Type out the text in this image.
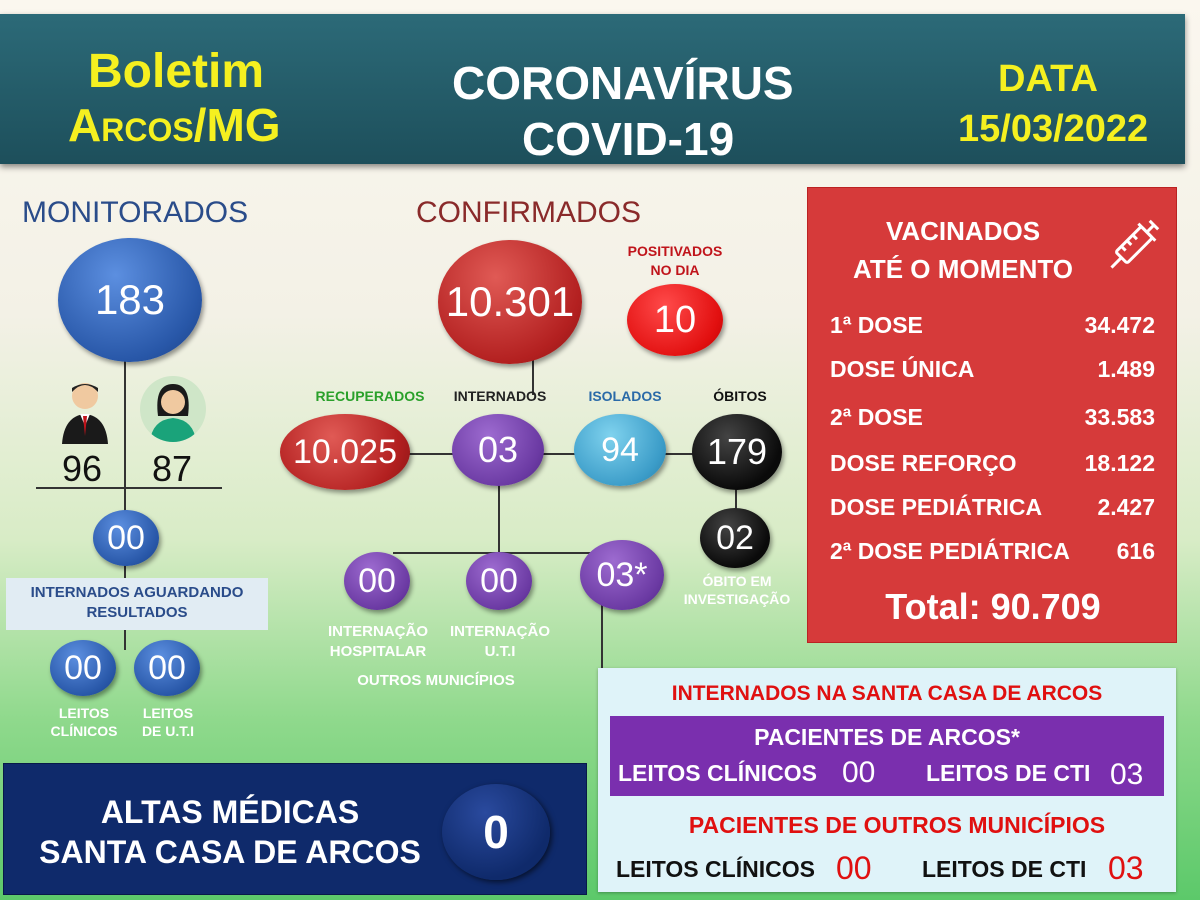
Boletim
Arcos/MG
CORONAVÍRUS
COVID-19
DATA
15/03/2022
MONITORADOS
183
96 87
00
INTERNADOS AGUARDANDO
RESULTADOS
00	00
LEITOS
CLÍNICOS
LEITOS
DE U.T.I
CONFIRMADOS
10.301
POSITIVADOS
NO DIA
10
RECUPERADOS	INTERNADOS	ISOLADOS	ÓBITOS
10.025	03	94	179
02
ÓBITO EM
INVESTIGAÇÃO
00	00	03*
INTERNAÇÃO
HOSPITALAR
INTERNAÇÃO
U.T.I
OUTROS MUNICÍPIOS
VACINADOS
ATÉ O MOMENTO
1ª DOSE	34.472
DOSE ÚNICA	1.489
2ª DOSE	33.583
DOSE REFORÇO	18.122
DOSE PEDIÁTRICA 2.427
2ª DOSE PEDIÁTRICA 616
Total: 90.709
INTERNADOS NA SANTA CASA DE ARCOS
PACIENTES DE ARCOS*
LEITOS CLÍNICOS 00 LEITOS DE CTI 03
PACIENTES DE OUTROS MUNICÍPIOS
LEITOS CLÍNICOS 00 LEITOS DE CTI 03
ALTAS MÉDICAS
SANTA CASA DE ARCOS	0
